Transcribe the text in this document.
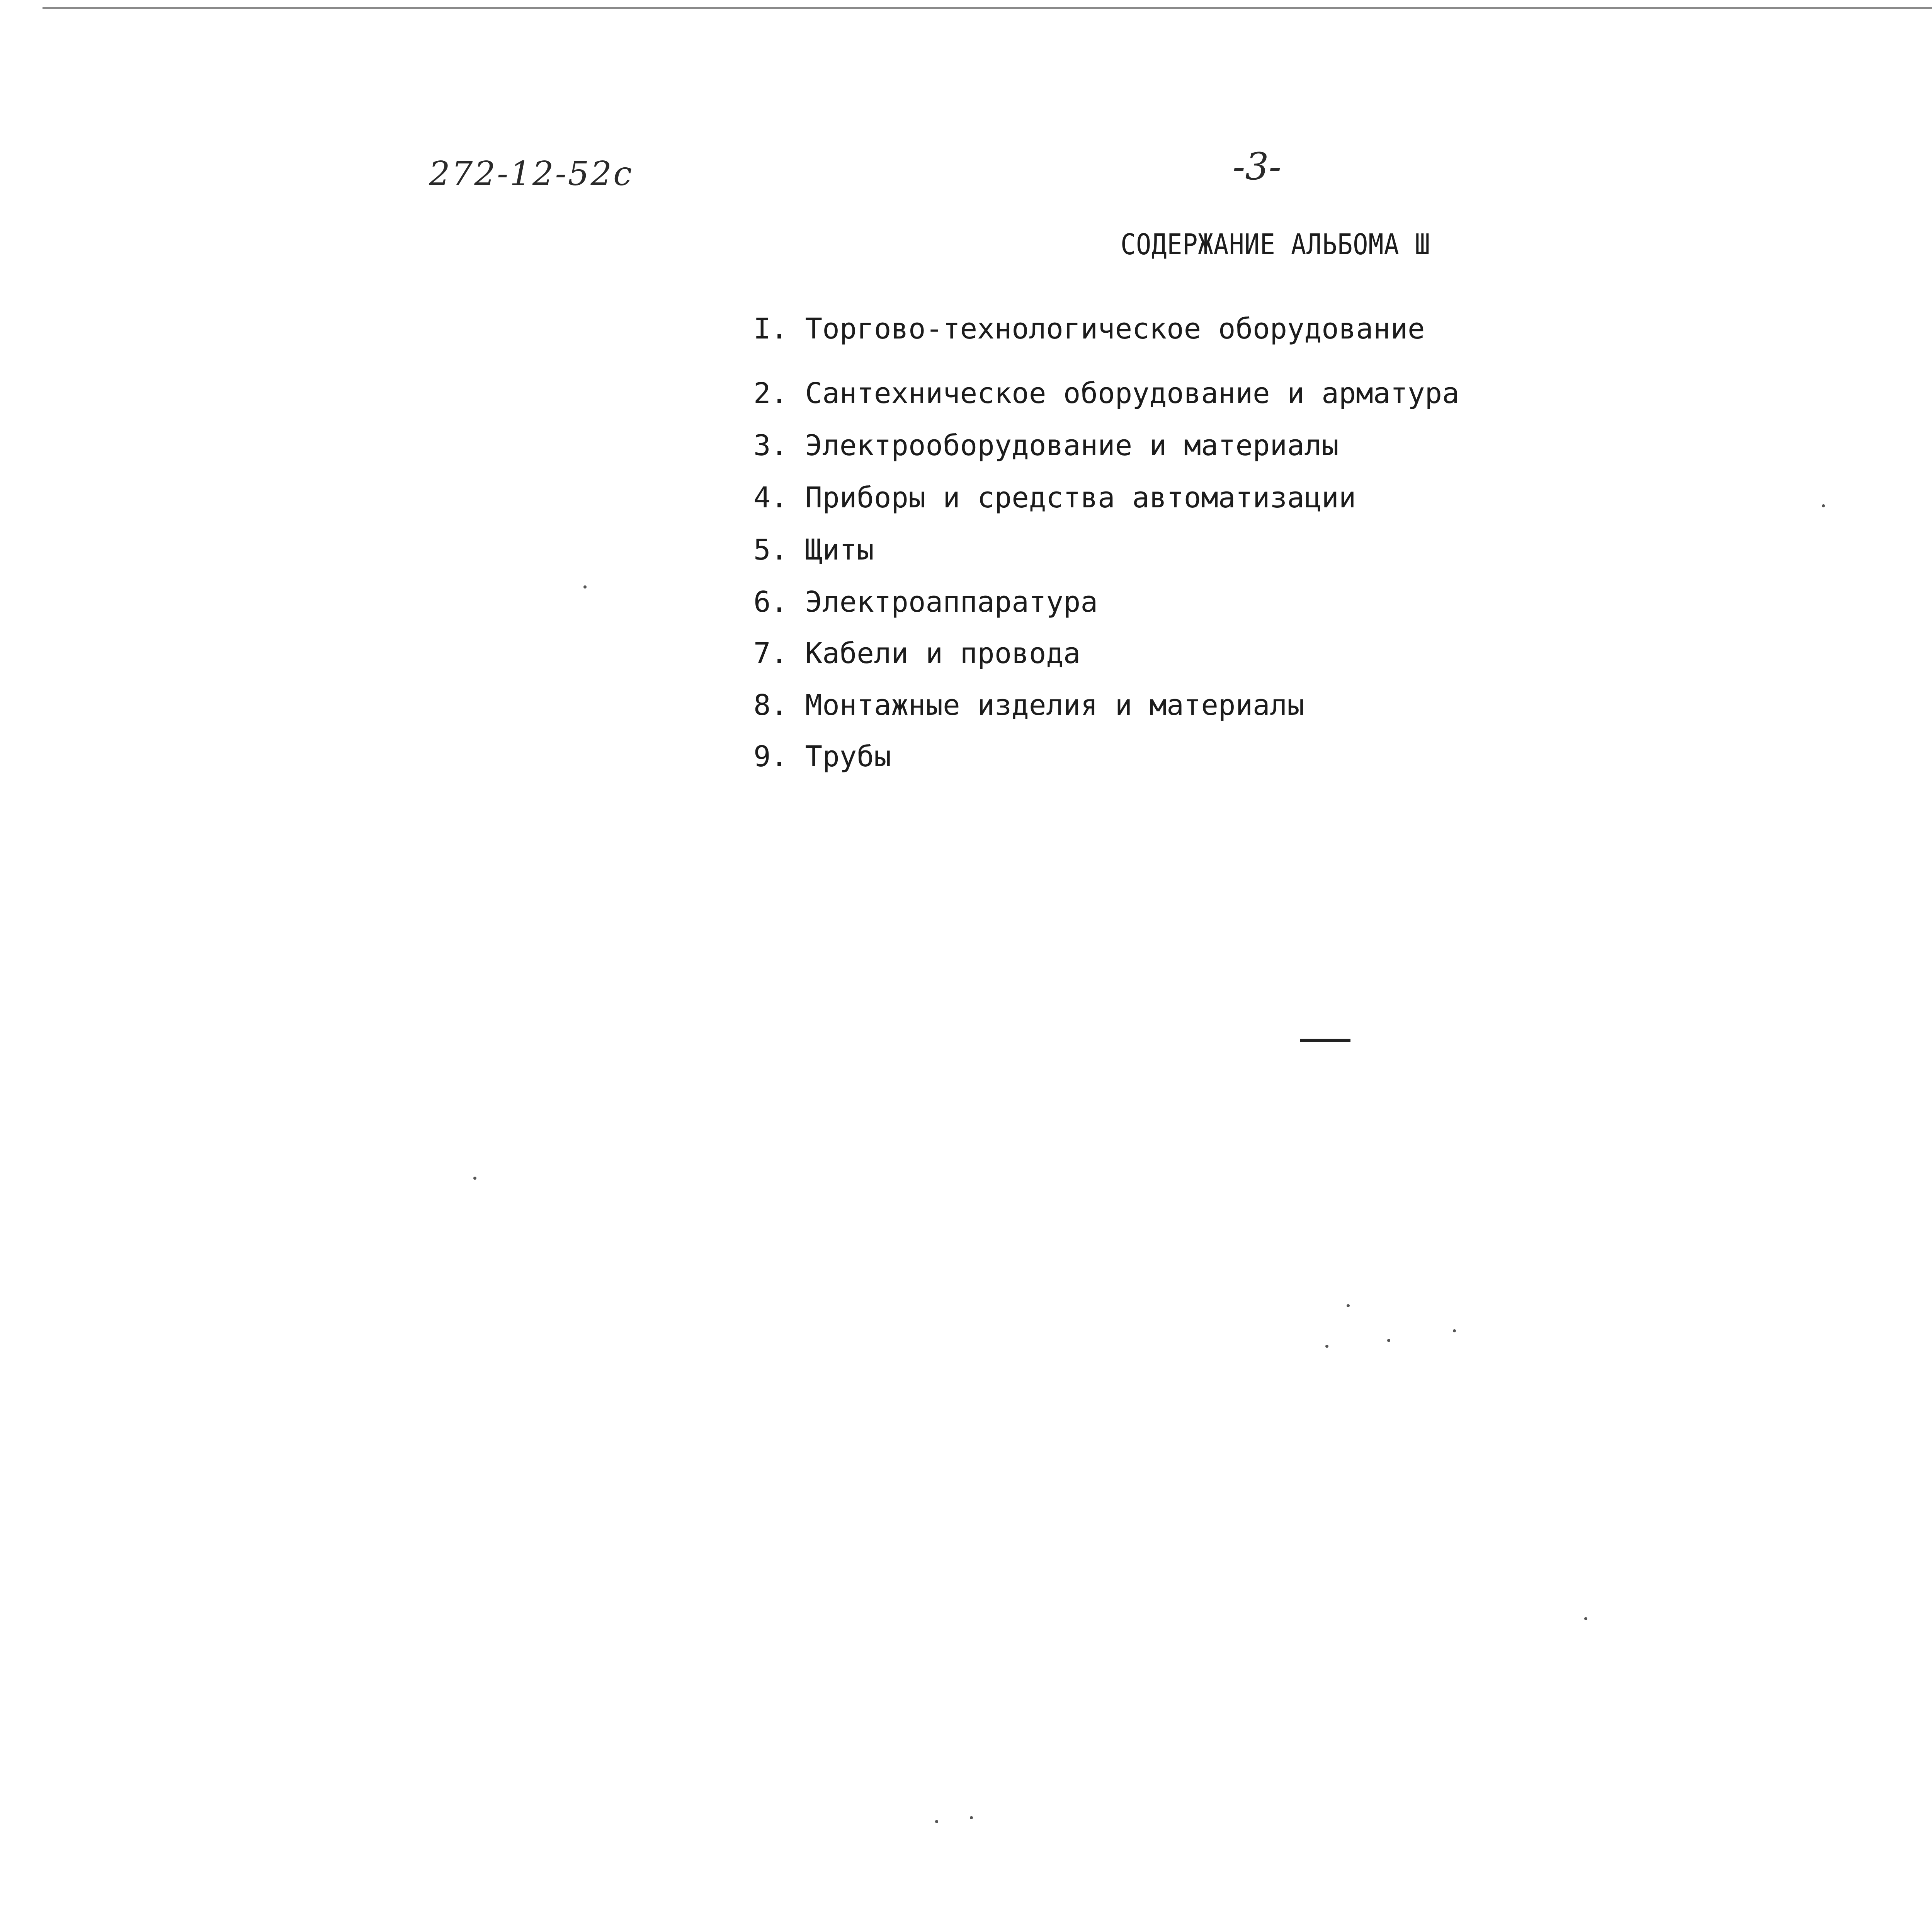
272-12-52с	-3-
СОДЕРЖАНИЕ АЛЬБОМА Ш
I. Торгово-технологическое оборудование
2. Сантехническое оборудование и арматура
3. Электрооборудование и материалы
4. Приборы и средства автоматизации
5. Щиты
6. Электроаппаратура
7. Кабели и провода
8. Монтажные изделия и материалы
9. Трубы
